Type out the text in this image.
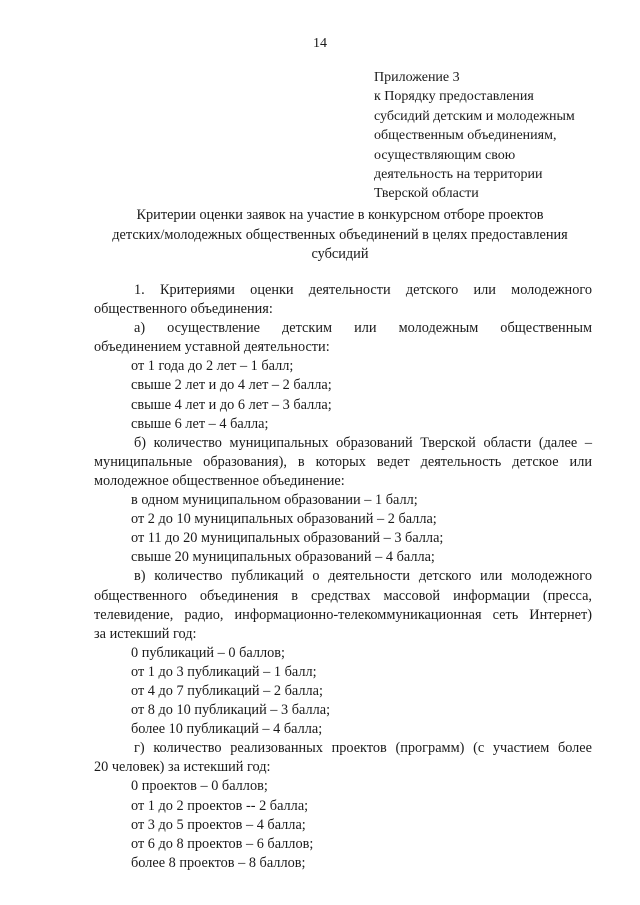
14
Приложение 3
к Порядку предоставления
субсидий детским и молодежным
общественным объединениям,
осуществляющим свою
деятельность на территории
Тверской области
Критерии оценки заявок на участие в конкурсном отборе проектов
детских/молодежных общественных объединений в целях предоставления
субсидий
1. Критериями оценки деятельности детского или молодежного
общественного объединения:
а) осуществление детским или молодежным общественным
объединением уставной деятельности:
от 1 года до 2 лет – 1 балл;
свыше 2 лет и до 4 лет – 2 балла;
свыше 4 лет и до 6 лет – 3 балла;
свыше 6 лет – 4 балла;
б) количество муниципальных образований Тверской области (далее –
муниципальные образования), в которых ведет деятельность детское или
молодежное общественное объединение:
в одном муниципальном образовании – 1 балл;
от 2 до 10 муниципальных образований – 2 балла;
от 11 до 20 муниципальных образований – 3 балла;
свыше 20 муниципальных образований – 4 балла;
в) количество публикаций о деятельности детского или молодежного
общественного объединения в средствах массовой информации (пресса,
телевидение, радио, информационно-телекоммуникационная сеть Интернет)
за истекший год:
0 публикаций – 0 баллов;
от 1 до 3 публикаций – 1 балл;
от 4 до 7 публикаций – 2 балла;
от 8 до 10 публикаций – 3 балла;
более 10 публикаций – 4 балла;
г) количество реализованных проектов (программ) (с участием более
20 человек) за истекший год:
0 проектов – 0 баллов;
от 1 до 2 проектов -- 2 балла;
от 3 до 5 проектов – 4 балла;
от 6 до 8 проектов – 6 баллов;
более 8 проектов – 8 баллов;
